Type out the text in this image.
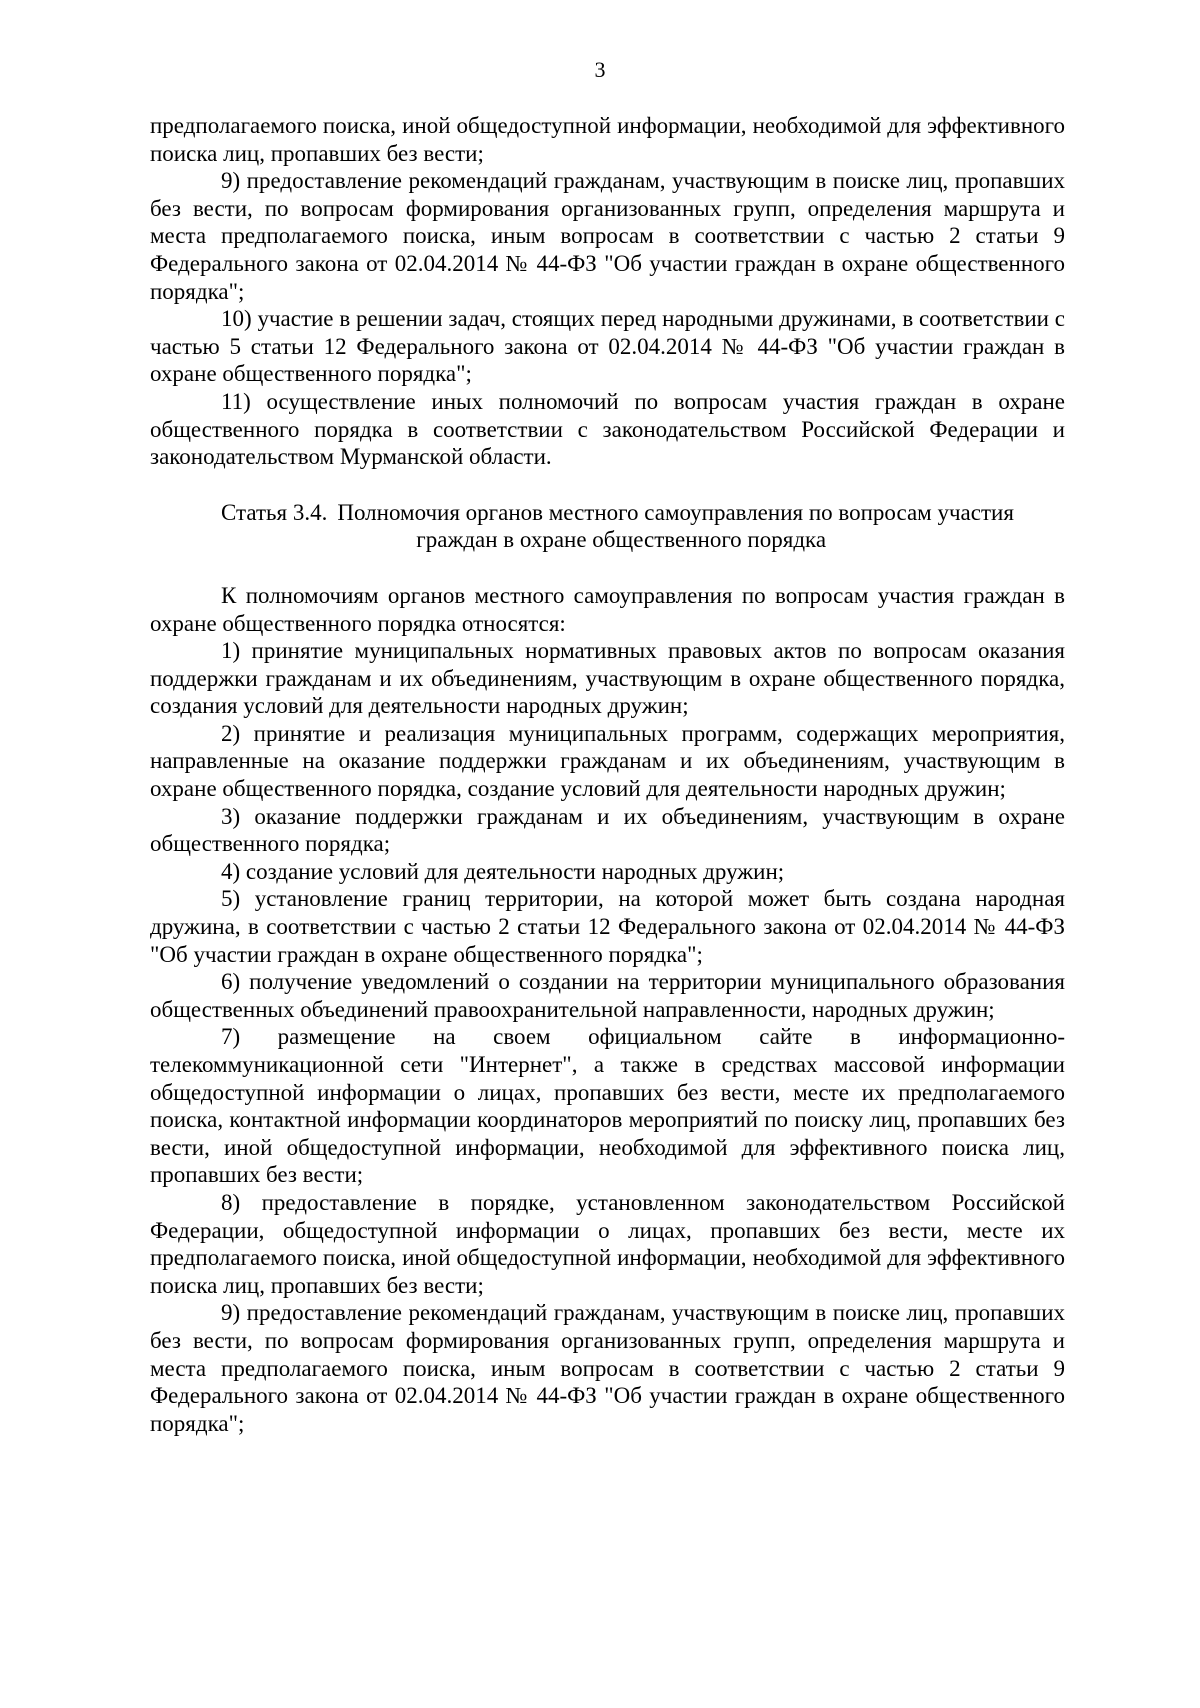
3

предполагаемого поиска, иной общедоступной информации, необходимой для эффективного поиска лиц, пропавших без вести;

9) предоставление рекомендаций гражданам, участвующим в поиске лиц, пропавших без вести, по вопросам формирования организованных групп, определения маршрута и места предполагаемого поиска, иным вопросам в соответствии с частью 2 статьи 9 Федерального закона от 02.04.2014 № 44-ФЗ "Об участии граждан в охране общественного порядка";

10) участие в решении задач, стоящих перед народными дружинами, в соответствии с частью 5 статьи 12 Федерального закона от 02.04.2014 № 44-ФЗ "Об участии граждан в охране общественного порядка";

11) осуществление иных полномочий по вопросам участия граждан в охране общественного порядка в соответствии с законодательством Российской Федерации и законодательством Мурманской области.

Статья 3.4. Полномочия органов местного самоуправления по вопросам участия
граждан в охране общественного порядка

К полномочиям органов местного самоуправления по вопросам участия граждан в охране общественного порядка относятся:

1) принятие муниципальных нормативных правовых актов по вопросам оказания поддержки гражданам и их объединениям, участвующим в охране общественного порядка, создания условий для деятельности народных дружин;

2) принятие и реализация муниципальных программ, содержащих мероприятия, направленные на оказание поддержки гражданам и их объединениям, участвующим в охране общественного порядка, создание условий для деятельности народных дружин;

3) оказание поддержки гражданам и их объединениям, участвующим в охране общественного порядка;

4) создание условий для деятельности народных дружин;

5) установление границ территории, на которой может быть создана народная дружина, в соответствии с частью 2 статьи 12 Федерального закона от 02.04.2014 № 44-ФЗ "Об участии граждан в охране общественного порядка";

6) получение уведомлений о создании на территории муниципального образования общественных объединений правоохранительной направленности, народных дружин;

7) размещение на своем официальном сайте в информационно-телекоммуникационной сети "Интернет", а также в средствах массовой информации общедоступной информации о лицах, пропавших без вести, месте их предполагаемого поиска, контактной информации координаторов мероприятий по поиску лиц, пропавших без вести, иной общедоступной информации, необходимой для эффективного поиска лиц, пропавших без вести;

8) предоставление в порядке, установленном законодательством Российской Федерации, общедоступной информации о лицах, пропавших без вести, месте их предполагаемого поиска, иной общедоступной информации, необходимой для эффективного поиска лиц, пропавших без вести;

9) предоставление рекомендаций гражданам, участвующим в поиске лиц, пропавших без вести, по вопросам формирования организованных групп, определения маршрута и места предполагаемого поиска, иным вопросам в соответствии с частью 2 статьи 9 Федерального закона от 02.04.2014 № 44-ФЗ "Об участии граждан в охране общественного порядка";
